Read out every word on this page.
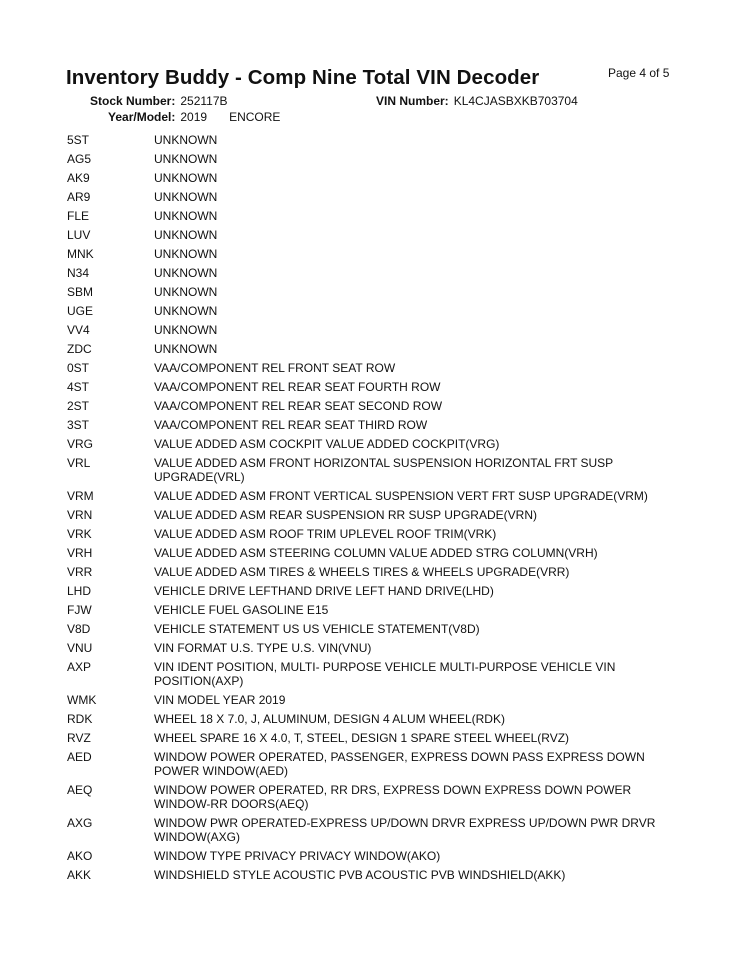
Inventory Buddy - Comp Nine Total VIN Decoder	Page 4 of 5
Stock Number: 252117B	VIN Number: KL4CJASBXKB703704
Year/Model: 2019 ENCORE
5ST	UNKNOWN
AG5	UNKNOWN
AK9	UNKNOWN
AR9	UNKNOWN
FLE	UNKNOWN
LUV	UNKNOWN
MNK	UNKNOWN
N34	UNKNOWN
SBM	UNKNOWN
UGE	UNKNOWN
VV4	UNKNOWN
ZDC	UNKNOWN
0ST	VAA/COMPONENT REL FRONT SEAT ROW
4ST	VAA/COMPONENT REL REAR SEAT FOURTH ROW
2ST	VAA/COMPONENT REL REAR SEAT SECOND ROW
3ST	VAA/COMPONENT REL REAR SEAT THIRD ROW
VRG	VALUE ADDED ASM COCKPIT VALUE ADDED COCKPIT(VRG)
VRL	VALUE ADDED ASM FRONT HORIZONTAL SUSPENSION HORIZONTAL FRT SUSP UPGRADE(VRL)
VRM	VALUE ADDED ASM FRONT VERTICAL SUSPENSION VERT FRT SUSP UPGRADE(VRM)
VRN	VALUE ADDED ASM REAR SUSPENSION RR SUSP UPGRADE(VRN)
VRK	VALUE ADDED ASM ROOF TRIM UPLEVEL ROOF TRIM(VRK)
VRH	VALUE ADDED ASM STEERING COLUMN VALUE ADDED STRG COLUMN(VRH)
VRR	VALUE ADDED ASM TIRES & WHEELS TIRES & WHEELS UPGRADE(VRR)
LHD	VEHICLE DRIVE LEFTHAND DRIVE LEFT HAND DRIVE(LHD)
FJW	VEHICLE FUEL GASOLINE E15
V8D	VEHICLE STATEMENT US US VEHICLE STATEMENT(V8D)
VNU	VIN FORMAT U.S. TYPE U.S. VIN(VNU)
AXP	VIN IDENT POSITION, MULTI- PURPOSE VEHICLE MULTI-PURPOSE VEHICLE VIN POSITION(AXP)
WMK	VIN MODEL YEAR 2019
RDK	WHEEL 18 X 7.0, J, ALUMINUM, DESIGN 4 ALUM WHEEL(RDK)
RVZ	WHEEL SPARE 16 X 4.0, T, STEEL, DESIGN 1 SPARE STEEL WHEEL(RVZ)
AED	WINDOW POWER OPERATED, PASSENGER, EXPRESS DOWN PASS EXPRESS DOWN POWER WINDOW(AED)
AEQ	WINDOW POWER OPERATED, RR DRS, EXPRESS DOWN EXPRESS DOWN POWER WINDOW-RR DOORS(AEQ)
AXG	WINDOW PWR OPERATED-EXPRESS UP/DOWN DRVR EXPRESS UP/DOWN PWR DRVR WINDOW(AXG)
AKO	WINDOW TYPE PRIVACY PRIVACY WINDOW(AKO)
AKK	WINDSHIELD STYLE ACOUSTIC PVB ACOUSTIC PVB WINDSHIELD(AKK)
